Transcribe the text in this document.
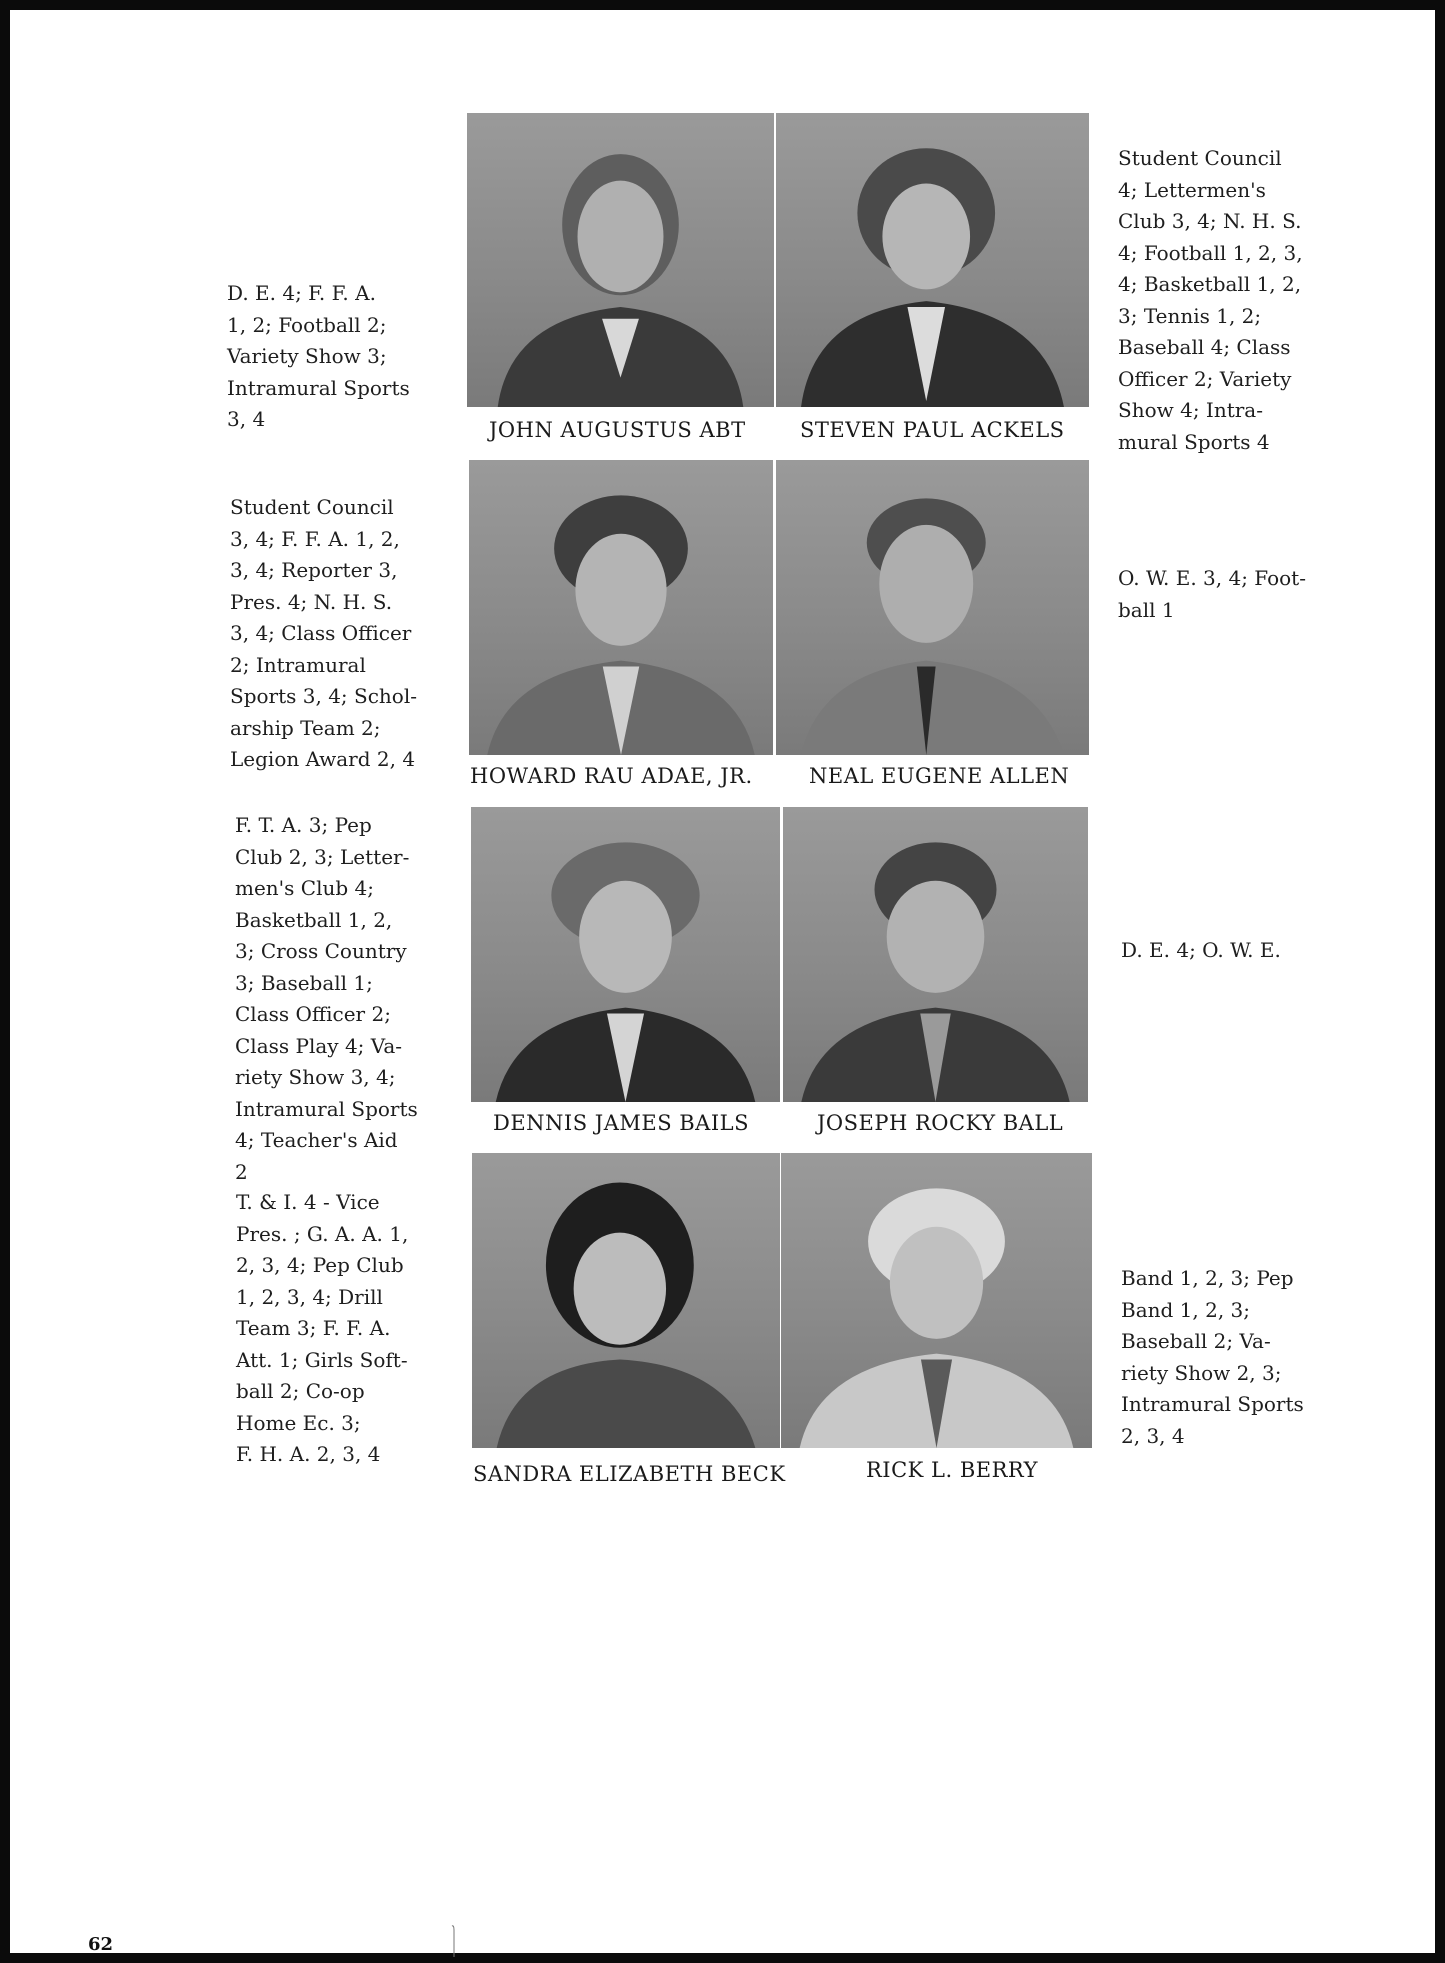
D. E. 4; F. F. A.
1, 2; Football 2;
Variety Show 3;
Intramural Sports
3, 4
Student Council
4; Lettermen's
Club 3, 4; N. H. S.
4; Football 1, 2, 3,
4; Basketball 1, 2,
3; Tennis 1, 2;
Baseball 4; Class
Officer 2; Variety
Show 4; Intra-
mural Sports 4
JOHN AUGUSTUS ABT	STEVEN PAUL ACKELS
Student Council
3, 4; F. F. A. 1, 2,
3, 4; Reporter 3,
Pres. 4; N. H. S.
3, 4; Class Officer
2; Intramural
Sports 3, 4; Schol-
arship Team 2;
Legion Award 2, 4
O. W. E. 3, 4; Foot-
ball 1
HOWARD RAU ADAE, JR.	NEAL EUGENE ALLEN
F. T. A. 3; Pep
Club 2, 3; Letter-
men's Club 4;
Basketball 1, 2,
3; Cross Country
3; Baseball 1;
Class Officer 2;
Class Play 4; Va-
riety Show 3, 4;
Intramural Sports
4; Teacher's Aid
2
D. E. 4; O. W. E.
DENNIS JAMES BAILS	JOSEPH ROCKY BALL
T. & I. 4 - Vice
Pres. ; G. A. A. 1,
2, 3, 4; Pep Club
1, 2, 3, 4; Drill
Team 3; F. F. A.
Att. 1; Girls Soft-
ball 2; Co-op
Home Ec. 3;
F. H. A. 2, 3, 4
Band 1, 2, 3; Pep
Band 1, 2, 3;
Baseball 2; Va-
riety Show 2, 3;
Intramural Sports
2, 3, 4
SANDRA ELIZABETH BECK	RICK L. BERRY
62
